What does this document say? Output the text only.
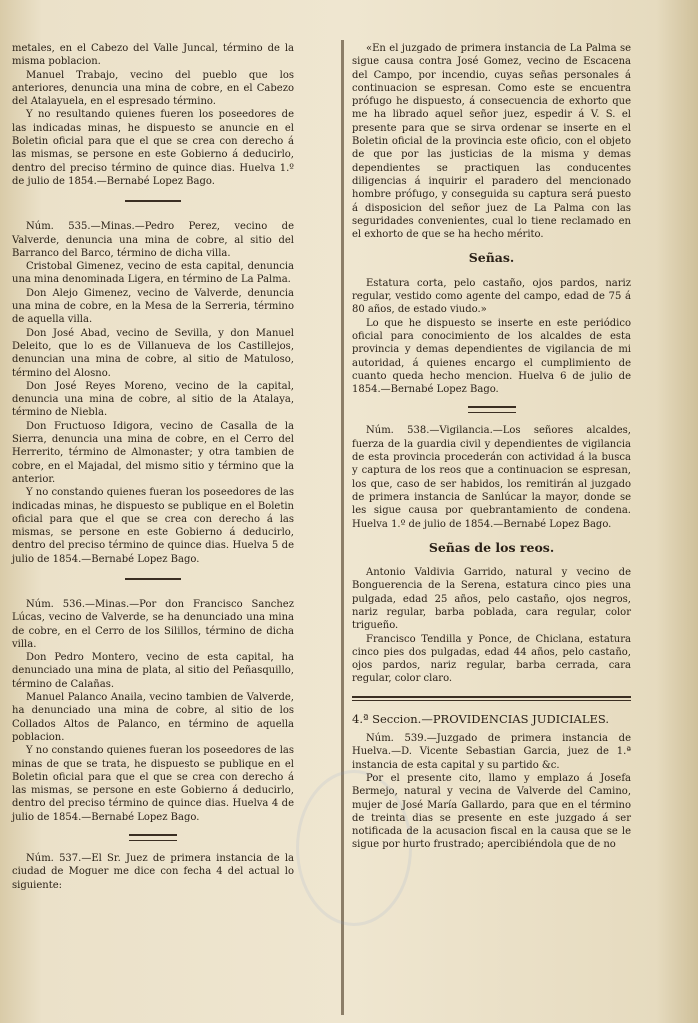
metales, en el Cabezo del Valle Juncal, término de la misma poblacion.

Manuel Trabajo, vecino del pueblo que los anteriores, denuncia una mina de cobre, en el Cabezo del Atalayuela, en el espresado término.

Y no resultando quienes fueren los poseedores de las indicadas minas, he dispuesto se anuncie en el Boletin oficial para que el que se crea con derecho á las mismas, se persone en este Gobierno á deducirlo, dentro del preciso término de quince dias. Huelva 1.º de julio de 1854.—Bernabé Lopez Bago.

Núm. 535.—Minas.—Pedro Perez, vecino de Valverde, denuncia una mina de cobre, al sitio del Barranco del Barco, término de dicha villa.

Cristobal Gimenez, vecino de esta capital, denuncia una mina denominada Ligera, en término de La Palma.

Don Alejo Gimenez, vecino de Valverde, denuncia una mina de cobre, en la Mesa de la Serreria, término de aquella villa.

Don José Abad, vecino de Sevilla, y don Manuel Deleito, que lo es de Villanueva de los Castillejos, denuncian una mina de cobre, al sitio de Matuloso, término del Alosno.

Don José Reyes Moreno, vecino de la capital, denuncia una mina de cobre, al sitio de la Atalaya, término de Niebla.

Don Fructuoso Idigora, vecino de Casalla de la Sierra, denuncia una mina de cobre, en el Cerro del Herrerito, término de Almonaster; y otra tambien de cobre, en el Majadal, del mismo sitio y término que la anterior.

Y no constando quienes fueran los poseedores de las indicadas minas, he dispuesto se publique en el Boletin oficial para que el que se crea con derecho á las mismas, se persone en este Gobierno á deducirlo, dentro del preciso término de quince dias. Huelva 5 de julio de 1854.—Bernabé Lopez Bago.

Núm. 536.—Minas.—Por don Francisco Sanchez Lúcas, vecino de Valverde, se ha denunciado una mina de cobre, en el Cerro de los Silillos, término de dicha villa.

Don Pedro Montero, vecino de esta capital, ha denunciado una mina de plata, al sitio del Peñasquillo, término de Calañas.

Manuel Palanco Anaila, vecino tambien de Valverde, ha denunciado una mina de cobre, al sitio de los Collados Altos de Palanco, en término de aquella poblacion.

Y no constando quienes fueran los poseedores de las minas de que se trata, he dispuesto se publique en el Boletin oficial para que el que se crea con derecho á las mismas, se persone en este Gobierno á deducirlo, dentro del preciso término de quince dias. Huelva 4 de julio de 1854.—Bernabé Lopez Bago.

Núm. 537.—El Sr. Juez de primera instancia de la ciudad de Moguer me dice con fecha 4 del actual lo siguiente:

«En el juzgado de primera instancia de La Palma se sigue causa contra José Gomez, vecino de Escacena del Campo, por incendio, cuyas señas personales á continuacion se espresan. Como este se encuentra prófugo he dispuesto, á consecuencia de exhorto que me ha librado aquel señor juez, espedir á V. S. el presente para que se sirva ordenar se inserte en el Boletin oficial de la provincia este oficio, con el objeto de que por las justicias de la misma y demas dependientes se practiquen las conducentes diligencias á inquirir el paradero del mencionado hombre prófugo, y conseguida su captura será puesto á disposicion del señor juez de La Palma con las seguridades convenientes, cual lo tiene reclamado en el exhorto de que se ha hecho mérito.

Señas.

Estatura corta, pelo castaño, ojos pardos, nariz regular, vestido como agente del campo, edad de 75 á 80 años, de estado viudo.»

Lo que he dispuesto se inserte en este periódico oficial para conocimiento de los alcaldes de esta provincia y demas dependientes de vigilancia de mi autoridad, á quienes encargo el cumplimiento de cuanto queda hecho mencion. Huelva 6 de julio de 1854.—Bernabé Lopez Bago.

Núm. 538.—Vigilancia.—Los señores alcaldes, fuerza de la guardia civil y dependientes de vigilancia de esta provincia procederán con actividad á la busca y captura de los reos que a continuacion se espresan, los que, caso de ser habidos, los remitirán al juzgado de primera instancia de Sanlúcar la mayor, donde se les sigue causa por quebrantamiento de condena. Huelva 1.º de julio de 1854.—Bernabé Lopez Bago.

Señas de los reos.

Antonio Valdivia Garrido, natural y vecino de Bonguerencia de la Serena, estatura cinco pies una pulgada, edad 25 años, pelo castaño, ojos negros, nariz regular, barba poblada, cara regular, color trigueño.

Francisco Tendilla y Ponce, de Chiclana, estatura cinco pies dos pulgadas, edad 44 años, pelo castaño, ojos pardos, nariz regular, barba cerrada, cara regular, color claro.

4.ª Seccion.—PROVIDENCIAS JUDICIALES.

Núm. 539.—Juzgado de primera instancia de Huelva.—D. Vicente Sebastian Garcia, juez de 1.ª instancia de esta capital y su partido &c.

Por el presente cito, llamo y emplazo á Josefa Bermejo, natural y vecina de Valverde del Camino, mujer de José María Gallardo, para que en el término de treinta dias se presente en este juzgado á ser notificada de la acusacion fiscal en la causa que se le sigue por hurto frustrado; apercibiéndola que de no
